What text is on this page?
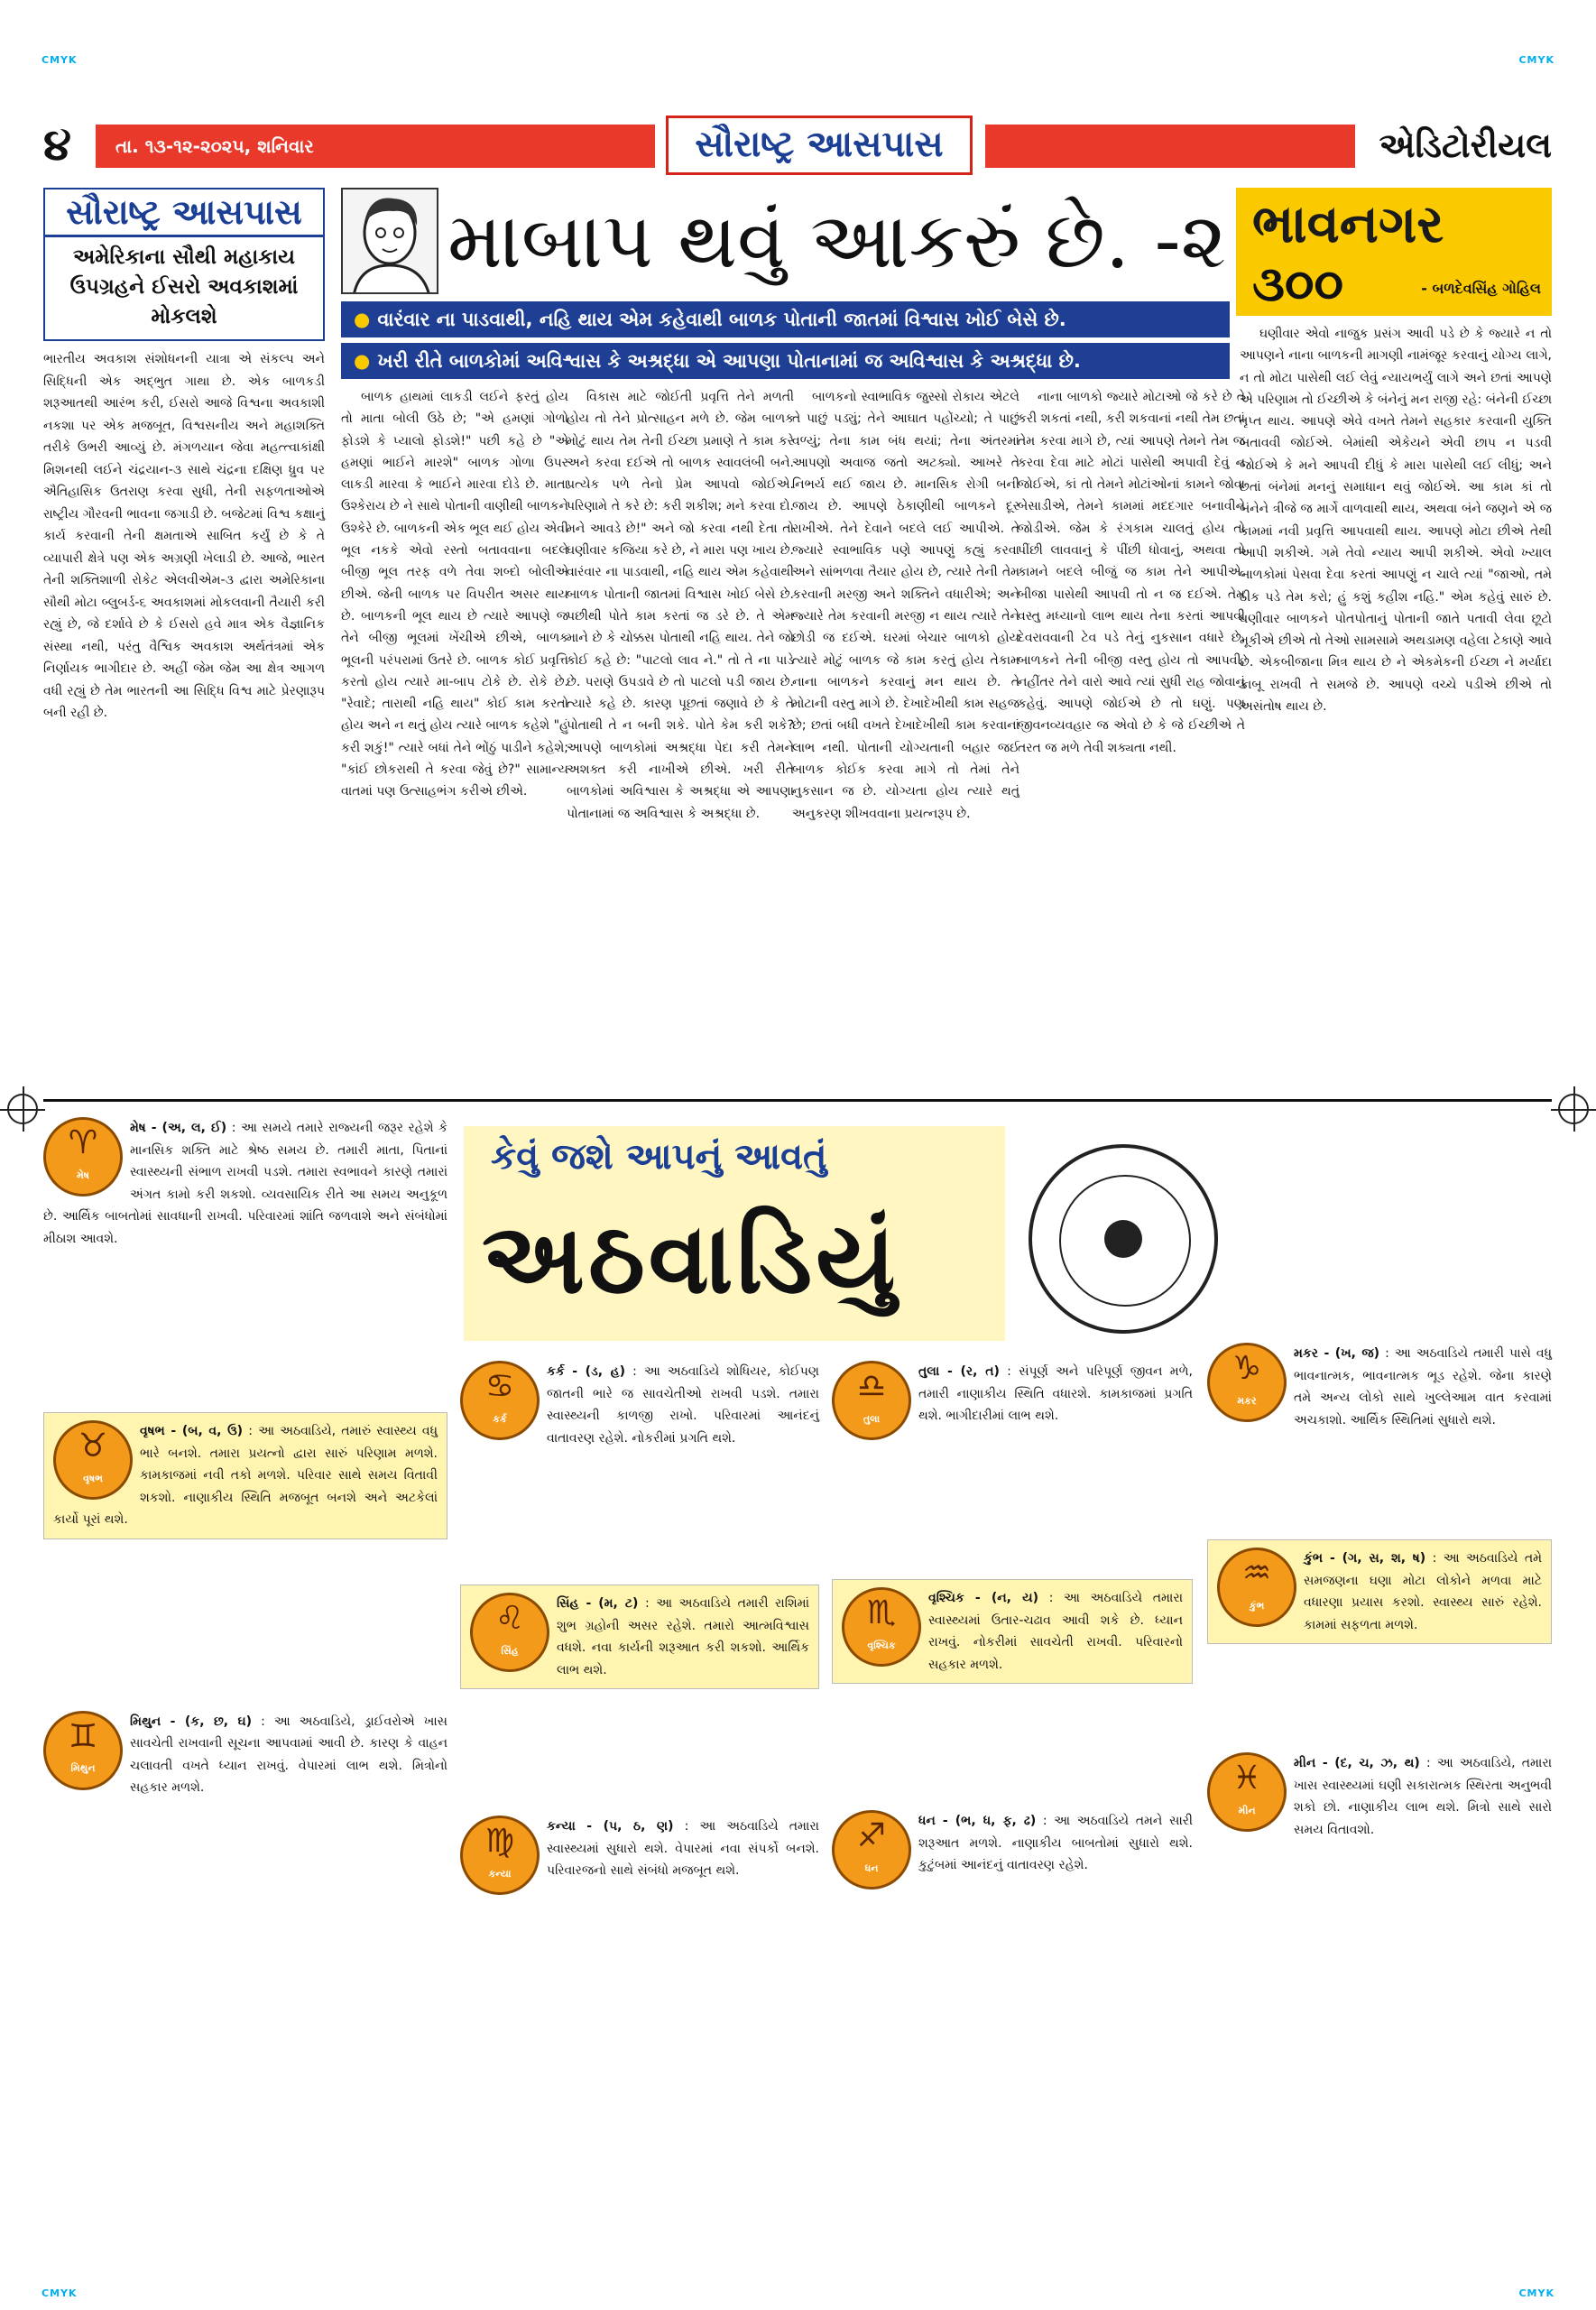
CMYK	CMYK
CMYK	CMYK
૪	તા. ૧૩-૧૨-૨૦૨૫, શનિવાર	સૌરાષ્ટ્ર આસપાસ	એડિટોરીયલ
સૌરાષ્ટ્ર આસપાસ
અમેરિકાના સૌથી મહાકાય ઉપગ્રહને ઈસરો અવકાશમાં મોકલશે
ભારતીય અવકાશ સંશોધનની યાત્રા એ સંકલ્પ અને સિદ્ધિની એક અદ્ભુત ગાથા છે. એક બાળકડી શરૂઆતથી આરંભ કરી, ઈસરો આજે વિશ્વના અવકાશી નકશા પર એક મજબૂત, વિશ્વસનીય અને મહાશક્તિ તરીકે ઉભરી આવ્યું છે. મંગળયાન જેવા મહત્ત્વાકાંક્ષી મિશનથી લઈને ચંદ્રયાન-૩ સાથે ચંદ્રના દક્ષિણ ધ્રુવ પર ઐતિહાસિક ઉતરાણ કરવા સુધી, તેની સફળતાઓએ રાષ્ટ્રીય ગૌરવની ભાવના જગાડી છે. બજેટમાં વિશ્વ કક્ષાનું કાર્ય કરવાની તેની ક્ષમતાએ સાબિત કર્યું છે કે તે વ્યાપારી ક્ષેત્રે પણ એક અગ્રણી ખેલાડી છે. આજે, ભારત તેની શક્તિશાળી રોકેટ એલવીએમ-૩ દ્વારા અમેરિકાના સૌથી મોટા બ્લુબર્ડ-૬ અવકાશમાં મોકલવાની તૈયારી કરી રહ્યું છે, જે દર્શાવે છે કે ઈસરો હવે માત્ર એક વૈજ્ઞાનિક સંસ્થા નથી, પરંતુ વૈશ્વિક અવકાશ અર્થતંત્રમાં એક નિર્ણાયક ભાગીદાર છે. અહીં જેમ જેમ આ ક્ષેત્ર આગળ વધી રહ્યું છે તેમ ભારતની આ સિદ્ધિ વિશ્વ માટે પ્રેરણારૂપ બની રહી છે.
માબાપ થવું આકરું છે. -૨ ભાવનગર
૩૦૦	- બળદેવસિંહ ગોહિલ
● વારંવાર ના પાડવાથી, નહિ થાય એમ કહેવાથી બાળક પોતાની જાતમાં વિશ્વાસ ખોઈ બેસે છે.
● ખરી રીતે બાળકોમાં અવિશ્વાસ કે અશ્રદ્ધા એ આપણા પોતાનામાં જ અવિશ્વાસ કે અશ્રદ્ધા છે.

બાળક હાથમાં લાકડી લઈને ફરતું હોય તો માતા બોલી ઉઠે છે; "એ હમણાં ગોળો ફોડશે કે પ્યાલો ફોડશે!" પછી કહે છે "એ હમણાં ભાઈને મારશે" બાળક ગોળા ઉપર લાકડી મારવા કે ભાઈને મારવા દોડે છે. માતા ઉશ્કેરાય છે ને સાથે પોતાની વાણીથી બાળકને ઉશ્કેરે છે. બાળકની એક ભૂલ થઈ હોય એવી ભૂલ નકકે એવો રસ્તો બતાવવાના બદલે બીજી ભૂલ તરફ વળે તેવા શબ્દો બોલીએ છીએ. જેની બાળક પર વિપરીત અસર થાય છે. બાળકની ભૂલ થાય છે ત્યારે આપણે જ તેને બીજી ભૂલમાં ખેંચીએ છીએ, બાળક ભૂલની પરંપરામાં ઉતરે છે. બાળક કોઈ પ્રવૃત્તિ કરતો હોય ત્યારે મા-બાપ ટોકે છે. રોકે છે. "રેવાદે; તારાથી નહિ થાય" કોઈ કામ કરતો હોય અને ન થતું હોય ત્યારે બાળક કહેશે "હું કરી શકું!" ત્યારે બધાં તેને ભોંઠું પાડીને કહેશે; "કાંઈ છોકરાથી તે કરવા જેવું છે?" સામાન્ય વાતમાં પણ ઉત્સાહભંગ કરીએ છીએ.

વિકાસ માટે જોઈતી પ્રવૃત્તિ તેને મળતી હોય તો તેને પ્રોત્સાહન મળે છે. જેમ બાળક મોટું થાય તેમ તેની ઈચ્છા પ્રમાણે તે કામ કરે અને કરવા દઈએ તો બાળક સ્વાવલંબી બને. પ્રત્યેક પળે તેનો પ્રેમ આપવો જોઈએ. પરિણામે તે કરે છે: કરી શકીશ; મને કરવા દો. મને આવડે છે!" અને જો કરવા નથી દેતા તો ઘણીવાર કજિયા કરે છે, ને મારા પણ ખાય છે. વારંવાર ના પાડવાથી, નહિ થાય એમ કહેવાથી બાળક પોતાની જાતમાં વિશ્વાસ ખોઈ બેસે છે. પછીથી પોતે કામ કરતાં જ ડરે છે. તે એમ માને છે કે ચોક્કસ પોતાથી નહિ થાય. તેને જો કોઈ કહે છે: "પાટલો લાવ ને." તો તે ના પાડે છે. પરાણે ઉપડાવે છે તો પાટલો પડી જાય છે. ત્યારે કહે છે. કારણ પૂછતાં જણાવે છે કે તે પોતાથી તે ન બની શકે. પોતે કેમ કરી શકે? આપણે બાળકોમાં અશ્રદ્ધા પેદા કરી તેમને અશક્ત કરી નાખીએ છીએ. ખરી રીતે બાળકોમાં અવિશ્વાસ કે અશ્રદ્ધા એ આપણા પોતાનામાં જ અવિશ્વાસ કે અશ્રદ્ધા છે.

બાળકનો સ્વાભાવિક જુસ્સો રોકાય એટલે તે પાછું પડ્યું; તેને આઘાત પહોંચ્યો; તે પાછું વળ્યું; તેના કામ બંધ થયાં; તેના અંતરમાં આપણો અવાજ જતો અટક્યો. આખરે તે નિભર્ય થઈ જાય છે. માનસિક રોગી બની જાય છે. આપણે ઠેકાણીથી બાળકને દૂર રાખીએ. તેને દેવાને બદલે લઈ આપીએ. તે જ્યારે સ્વાભાવિક પણે આપણું કહ્યું કરવા અને સાંભળવા તૈયાર હોય છે, ત્યારે તેની તેમ કરવાની મરજી અને શક્તિને વધારીએ; અને જ્યારે તેમ કરવાની મરજી ન થાય ત્યારે તેને છોડી જ દઈએ. ઘરમાં બેચાર બાળકો હોય ત્યારે મોટું બાળક જે કામ કરતું હોય તેકામ નાના બાળકને કરવાનું મન થાય છે. તે મોટાની વસ્તુ માગે છે. દેખાદેખીથી કામ સહજ છે; છતાં બધી વખતે દેખાદેખીથી કામ કરવાનાં લાભ નથી. પોતાની યોગ્યતાની બહાર જઈ બાળક કોઈક કરવા માગે તો તેમાં તેને નુકસાન જ છે. યોગ્યતા હોય ત્યારે થતું અનુકરણ શીખવવાના પ્રયત્નરૂપ છે.

નાના બાળકો જ્યારે મોટાઓ જે કરે છે તે કરી શકતાં નથી, કરી શકવાનાં નથી તેમ છતાં તેમ કરવા માગે છે, ત્યાં આપણે તેમને તેમ જ કરવા દેવા માટે મોટાં પાસેથી અપાવી દેવું ન જોઈએ, કાં તો તેમને મોટાંઓનાં કામને જોવા બેસાડીએ, તેમને કામમાં મદદગાર બનાવીને જોડીએ. જેમ કે રંગકામ ચાલતું હોય તો પીંછી લાવવાનું કે પીંછી ધોવાનું, અથવા તો કામને બદલે બીજું જ કામ તેને આપીએ. બીજા પાસેથી આપવી તો ન જ દઈએ. તેમ વસ્તુ મધ્યાનો લાભ થાય તેના કરતાં આપવી દેવરાવવાની ટેવ પડે તેનું નુકસાન વધારે છે. બાળકને તેની બીજી વસ્તુ હોય તો આપવી, નહીંતર તેને વારો આવે ત્યાં સુધી રાહ જોવાનું કહેવું. આપણે જોઈએ છે તો ઘણું. પણ જીવનવ્યવહાર જ એવો છે કે જે ઈચ્છીએ તે તરત જ મળે તેવી શક્યતા નથી.

ઘણીવાર એવો નાજુક પ્રસંગ આવી પડે છે કે જ્યારે ન તો આપણને નાના બાળકની માગણી નામંજૂર કરવાનું યોગ્ય લાગે, ન તો મોટા પાસેથી લઈ લેવું ન્યાયભર્યું લાગે અને છતાં આપણે એ પરિણામ તો ઈચ્છીએ કે બંનેનું મન રાજી રહે: બંનેની ઈચ્છા તૃપ્ત થાય. આપણે એવે વખતે તેમને સહકાર કરવાની યુક્તિ બતાવવી જોઈએ. બેમાંથી એકેયને એવી છાપ ન પડવી જોઈએ કે મને આપવી દીધું કે મારા પાસેથી લઈ લીધું; અને છતાં બંનેમાં મનનું સમાધાન થવું જોઈએ. આ કામ કાં તો બંનેને ત્રીજે જ માર્ગે વાળવાથી થાય, અથવા બંને જણને એ જ કામમાં નવી પ્રવૃત્તિ આપવાથી થાય. આપણે મોટા છીએ તેથી આપી શકીએ. ગમે તેવો ન્યાય આપી શકીએ. એવો ખ્યાલ બાળકોમાં પેસવા દેવા કરતાં આપણું ન ચાલે ત્યાં "જાઓ, તમે ઠીક પડે તેમ કરો; હું કશું કહીશ નહિ." એમ કહેવું સારું છે. ઘણીવાર બાળકને પોતપોતાનું પોતાની જાતે પતાવી લેવા છૂટો મૂકીએ છીએ તો તેઓ સામસામે અથડામણ વહેલા ટેકાણે આવે છે. એકબીજાના મિત્ર થાય છે ને એકમેકની ઈચ્છા ને મર્યાદા કાબૂ રાખવી તે સમજે છે. આપણે વચ્ચે પડીએ છીએ તો અસંતોષ થાય છે.

કેવું જશે આપનું આવતું
અઠવાડિયું
♈
મેષ
મેષ - (અ, લ, ઈ) : આ સમયે તમારે રાજ્યની જરૂર રહેશે કે માનસિક શક્તિ માટે શ્રેષ્ઠ સમય છે. તમારી માતા, પિતાનાં સ્વાસ્થ્યની સંભાળ રાખવી પડશે. તમારા સ્વભાવને કારણે તમારાં અંગત કામો કરી શકશો. વ્યવસાયિક રીતે આ સમય અનુકૂળ છે. આર્થિક બાબતોમાં સાવધાની રાખવી. પરિવારમાં શાંતિ જળવાશે અને સંબંધોમાં મીઠાશ આવશે.
♉
વૃષભ
વૃષભ - (બ, વ, ઉ) : આ અઠવાડિયે, તમારું સ્વાસ્થ્ય વધુ ભારે બનશે. તમારા પ્રયત્નો દ્વારા સારું પરિણામ મળશે. કામકાજમાં નવી તકો મળશે. પરિવાર સાથે સમય વિતાવી શકશો. નાણાકીય સ્થિતિ મજબૂત બનશે અને અટકેલાં કાર્યો પૂરાં થશે.
♊
મિથુન
મિથુન - (ક, છ, ઘ) : આ અઠવાડિયે, ડ્રાઈવરોએ ખાસ સાવચેતી રાખવાની સૂચના આપવામાં આવી છે. કારણ કે વાહન ચલાવતી વખતે ધ્યાન રાખવું. વેપારમાં લાભ થશે. મિત્રોનો સહકાર મળશે.
♋
કર્ક
કર્ક - (ડ, હ) : આ અઠવાડિયે શોધિયર, કોઈપણ જાતની ભારે જ સાવચેતીઓ રાખવી પડશે. તમારા સ્વાસ્થ્યની કાળજી રાખો. પરિવારમાં આનંદનું વાતાવરણ રહેશે. નોકરીમાં પ્રગતિ થશે.
♌
સિંહ
સિંહ - (મ, ટ) : આ અઠવાડિયે તમારી રાશિમાં શુભ ગ્રહોની અસર રહેશે. તમારો આત્મવિશ્વાસ વધશે. નવા કાર્યની શરૂઆત કરી શકશો. આર્થિક લાભ થશે.
♍
કન્યા
કન્યા - (પ, ઠ, ણ) : આ અઠવાડિયે તમારા સ્વાસ્થ્યમાં સુધારો થશે. વેપારમાં નવા સંપર્કો બનશે. પરિવારજનો સાથે સંબંધો મજબૂત થશે.
♎
તુલા
તુલા - (ર, ત) : સંપૂર્ણ અને પરિપૂર્ણ જીવન મળે, તમારી નાણાકીય સ્થિતિ વધારશે. કામકાજમાં પ્રગતિ થશે. ભાગીદારીમાં લાભ થશે.
♏
વૃશ્ચિક
વૃશ્ચિક - (ન, ય) : આ અઠવાડિયે તમારા સ્વાસ્થ્યમાં ઉતાર-ચઢાવ આવી શકે છે. ધ્યાન રાખવું. નોકરીમાં સાવચેતી રાખવી. પરિવારનો સહકાર મળશે.
♐
ધન
ધન - (ભ, ધ, ફ, ઢ) : આ અઠવાડિયે તમને સારી શરૂઆત મળશે. નાણાકીય બાબતોમાં સુધારો થશે. કુટુંબમાં આનંદનું વાતાવરણ રહેશે.
♑
મકર
મકર - (ખ, જ) : આ અઠવાડિયે તમારી પાસે વધુ ભાવનાત્મક, ભાવનાત્મક ભૂડ રહેશે. જેના કારણે તમે અન્ય લોકો સાથે ખુલ્લેઆમ વાત કરવામાં અચકાશો. આર્થિક સ્થિતિમાં સુધારો થશે.
♒
કુંભ
કુંભ - (ગ, સ, શ, ષ) : આ અઠવાડિયે તમે સમજણના ઘણા મોટા લોકોને મળવા માટે વધારણા પ્રયાસ કરશો. સ્વાસ્થ્ય સારું રહેશે. કામમાં સફળતા મળશે.
♓
મીન
મીન - (દ, ચ, ઝ, થ) : આ અઠવાડિયે, તમારા ખાસ સ્વાસ્થ્યમાં ઘણી સકારાત્મક સ્થિરતા અનુભવી શકો છો. નાણાકીય લાભ થશે. મિત્રો સાથે સારો સમય વિતાવશો.
